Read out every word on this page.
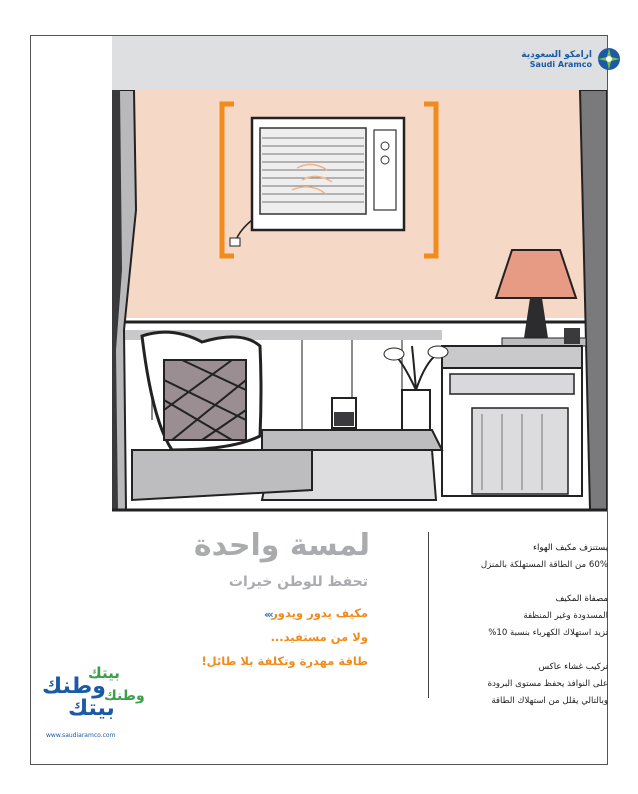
ارامكو السعودية
Saudi Aramco
لمسة واحدة
تحفظ للوطن خيرات
‹‹‹ مكيف يدور ويدور
ولا من مستفيد...
طاقة مهدرة وتكلفة بلا طائل!
يستنزف مكيف الهواء
60% من الطاقة المستهلكة بالمنزل
مصفاة المكيف
المسدودة وغير المنظفة
تزيد استهلاك الكهرباء بنسبة 10%
تركيب غشاء عاكس
على النوافذ يحفظ مستوى البرودة
وبالتالي يقلل من استهلاك الطاقة
بيتك
وطنك
وطنك
بيتك
www.saudiaramco.com
